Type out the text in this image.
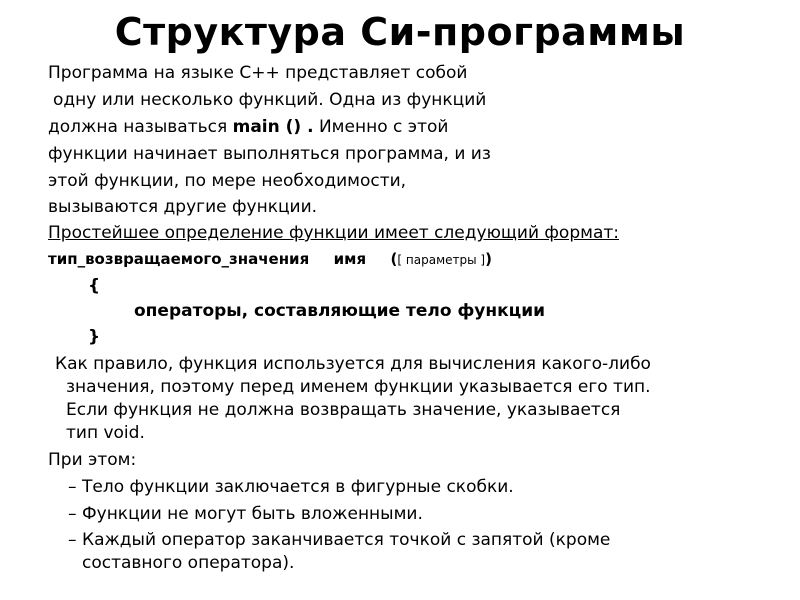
Структура Си-программы
Программа на языке С++ представляет собой
одну или несколько функций. Одна из функций
должна называться main () . Именно с этой
функции начинает выполняться программа, и из
этой функции, по мере необходимости,
вызываются другие функции.
Простейшее определение функции имеет следующий формат:
тип_возвращаемого_значения имя ([ параметры ])
{
операторы, составляющие тело функции
}
Как правило, функция используется для вычисления какого-либо
значения, поэтому перед именем функции указывается его тип.
Если функция не должна возвращать значение, указывается
тип void.
При этом:
– Тело функции заключается в фигурные скобки.
– Функции не могут быть вложенными.
– Каждый оператор заканчивается точкой с запятой (кроме
составного оператора).
